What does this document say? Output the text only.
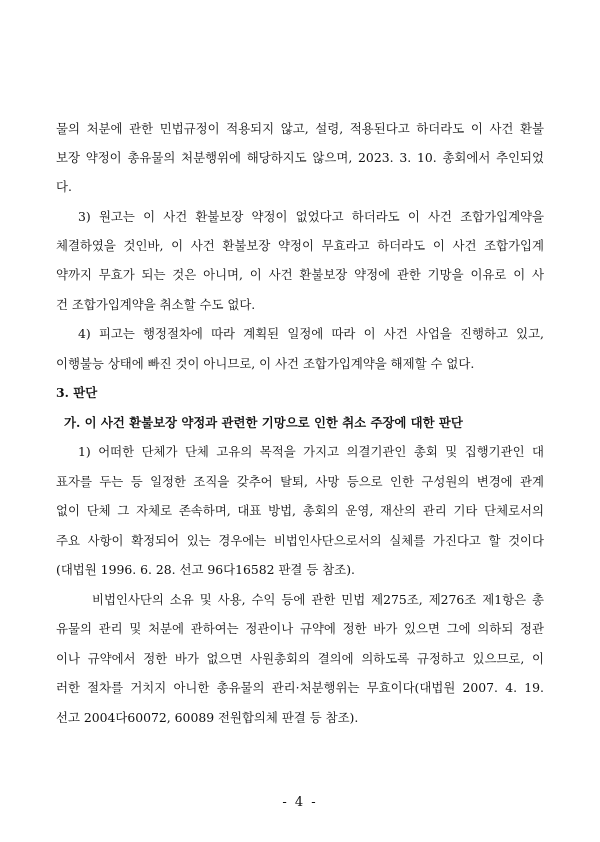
물의 처분에 관한 민법규정이 적용되지 않고, 설령, 적용된다고 하더라도 이 사건 환불
보장 약정이 총유물의 처분행위에 해당하지도 않으며, 2023. 3. 10. 총회에서 추인되었
다.
3) 원고는 이 사건 환불보장 약정이 없었다고 하더라도 이 사건 조합가입계약을
체결하였을 것인바, 이 사건 환불보장 약정이 무효라고 하더라도 이 사건 조합가입계
약까지 무효가 되는 것은 아니며, 이 사건 환불보장 약정에 관한 기망을 이유로 이 사
건 조합가입계약을 취소할 수도 없다.
4) 피고는 행정절차에 따라 계획된 일정에 따라 이 사건 사업을 진행하고 있고,
이행불능 상태에 빠진 것이 아니므로, 이 사건 조합가입계약을 해제할 수 없다.
3. 판단
가. 이 사건 환불보장 약정과 관련한 기망으로 인한 취소 주장에 대한 판단
1) 어떠한 단체가 단체 고유의 목적을 가지고 의결기관인 총회 및 집행기관인 대
표자를 두는 등 일정한 조직을 갖추어 탈퇴, 사망 등으로 인한 구성원의 변경에 관계
없이 단체 그 자체로 존속하며, 대표 방법, 총회의 운영, 재산의 관리 기타 단체로서의
주요 사항이 확정되어 있는 경우에는 비법인사단으로서의 실체를 가진다고 할 것이다
(대법원 1996. 6. 28. 선고 96다16582 판결 등 참조).
비법인사단의 소유 및 사용, 수익 등에 관한 민법 제275조, 제276조 제1항은 총
유물의 관리 및 처분에 관하여는 정관이나 규약에 정한 바가 있으면 그에 의하되 정관
이나 규약에서 정한 바가 없으면 사원총회의 결의에 의하도록 규정하고 있으므로, 이
러한 절차를 거치지 아니한 총유물의 관리·처분행위는 무효이다(대법원 2007. 4. 19.
선고 2004다60072, 60089 전원합의체 판결 등 참조).
- 4 -
